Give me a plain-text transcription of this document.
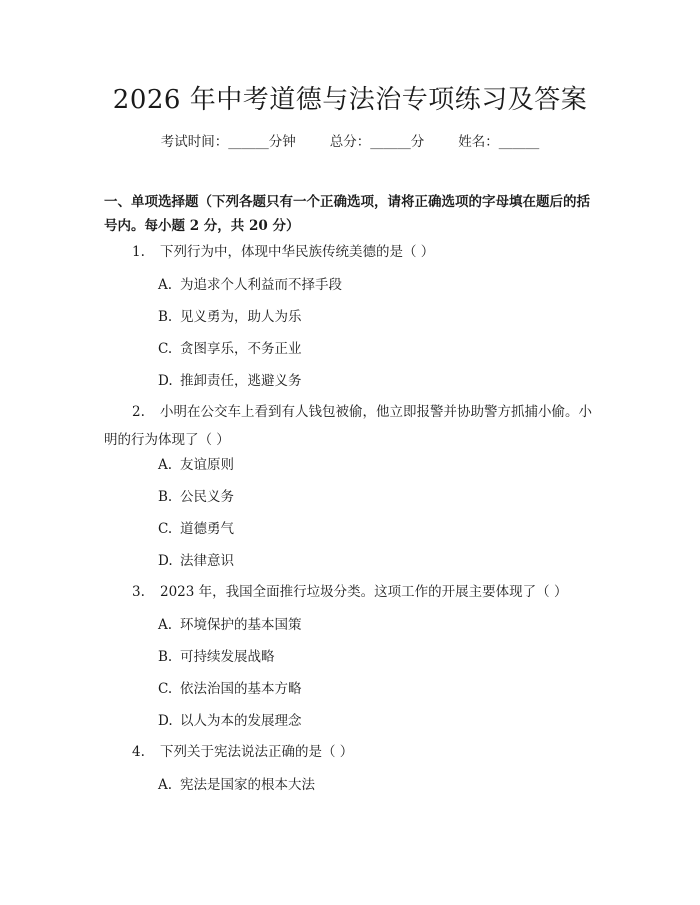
2026 年中考道德与法治专项练习及答案
考试时间：______分钟	总分：______分	姓名：______
一、单项选择题（下列各题只有一个正确选项，请将正确选项的字母填在题后的括号内。每小题 2 分，共 20 分）
1. 下列行为中，体现中华民族传统美德的是（ ）
A. 为追求个人利益而不择手段
B. 见义勇为，助人为乐
C. 贪图享乐，不务正业
D. 推卸责任，逃避义务
2. 小明在公交车上看到有人钱包被偷，他立即报警并协助警方抓捕小偷。小明的行为体现了（ ）
A. 友谊原则
B. 公民义务
C. 道德勇气
D. 法律意识
3. 2023 年，我国全面推行垃圾分类。这项工作的开展主要体现了（ ）
A. 环境保护的基本国策
B. 可持续发展战略
C. 依法治国的基本方略
D. 以人为本的发展理念
4. 下列关于宪法说法正确的是（ ）
A. 宪法是国家的根本大法
